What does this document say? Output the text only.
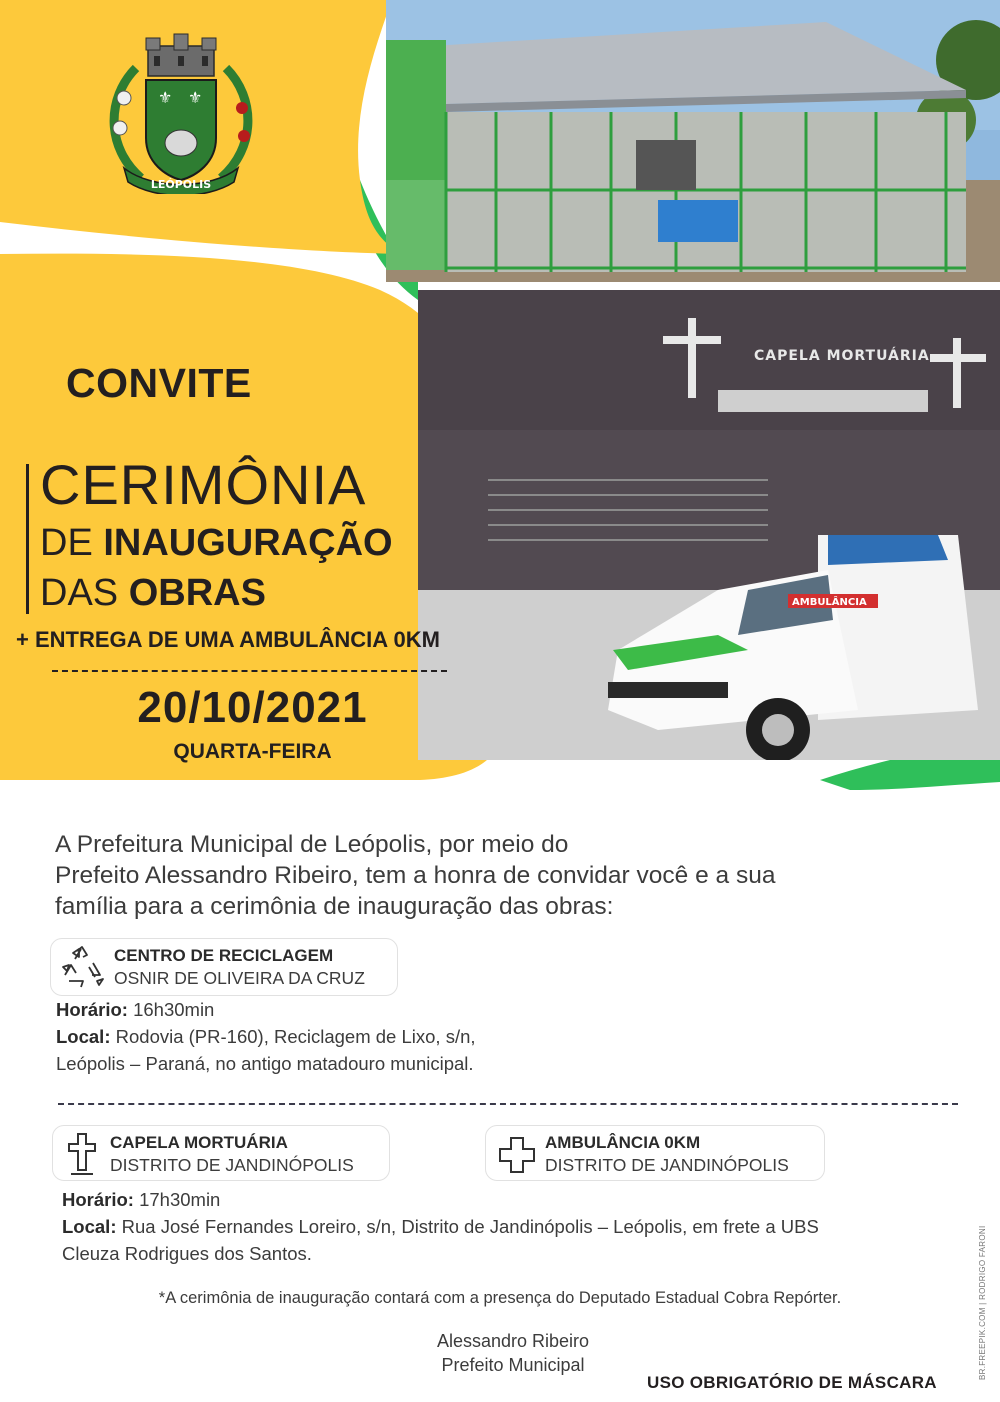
⚜ ⚜
LEÓPOLIS
CAPELA MORTUÁRIA
AMBULÂNCIA
CONVITE
CERIMÔNIA
DE INAUGURAÇÃO
DAS OBRAS
+ ENTREGA DE UMA AMBULÂNCIA 0KM
20/10/2021
QUARTA-FEIRA
A Prefeitura Municipal de Leópolis, por meio do
Prefeito Alessandro Ribeiro, tem a honra de convidar você e a sua
família para a cerimônia de inauguração das obras:
CENTRO DE RECICLAGEM
OSNIR DE OLIVEIRA DA CRUZ
Horário: 16h30min
Local: Rodovia (PR-160), Reciclagem de Lixo, s/n,
Leópolis – Paraná, no antigo matadouro municipal.
CAPELA MORTUÁRIA
DISTRITO DE JANDINÓPOLIS
AMBULÂNCIA 0KM
DISTRITO DE JANDINÓPOLIS
Horário: 17h30min
Local: Rua José Fernandes Loreiro, s/n, Distrito de Jandinópolis – Leópolis, em frete a UBS
Cleuza Rodrigues dos Santos.
*A cerimônia de inauguração contará com a presença do Deputado Estadual Cobra Repórter.
Alessandro Ribeiro
Prefeito Municipal
USO OBRIGATÓRIO DE MÁSCARA
BR.FREEPIK.COM | RODRIGO FARONI
